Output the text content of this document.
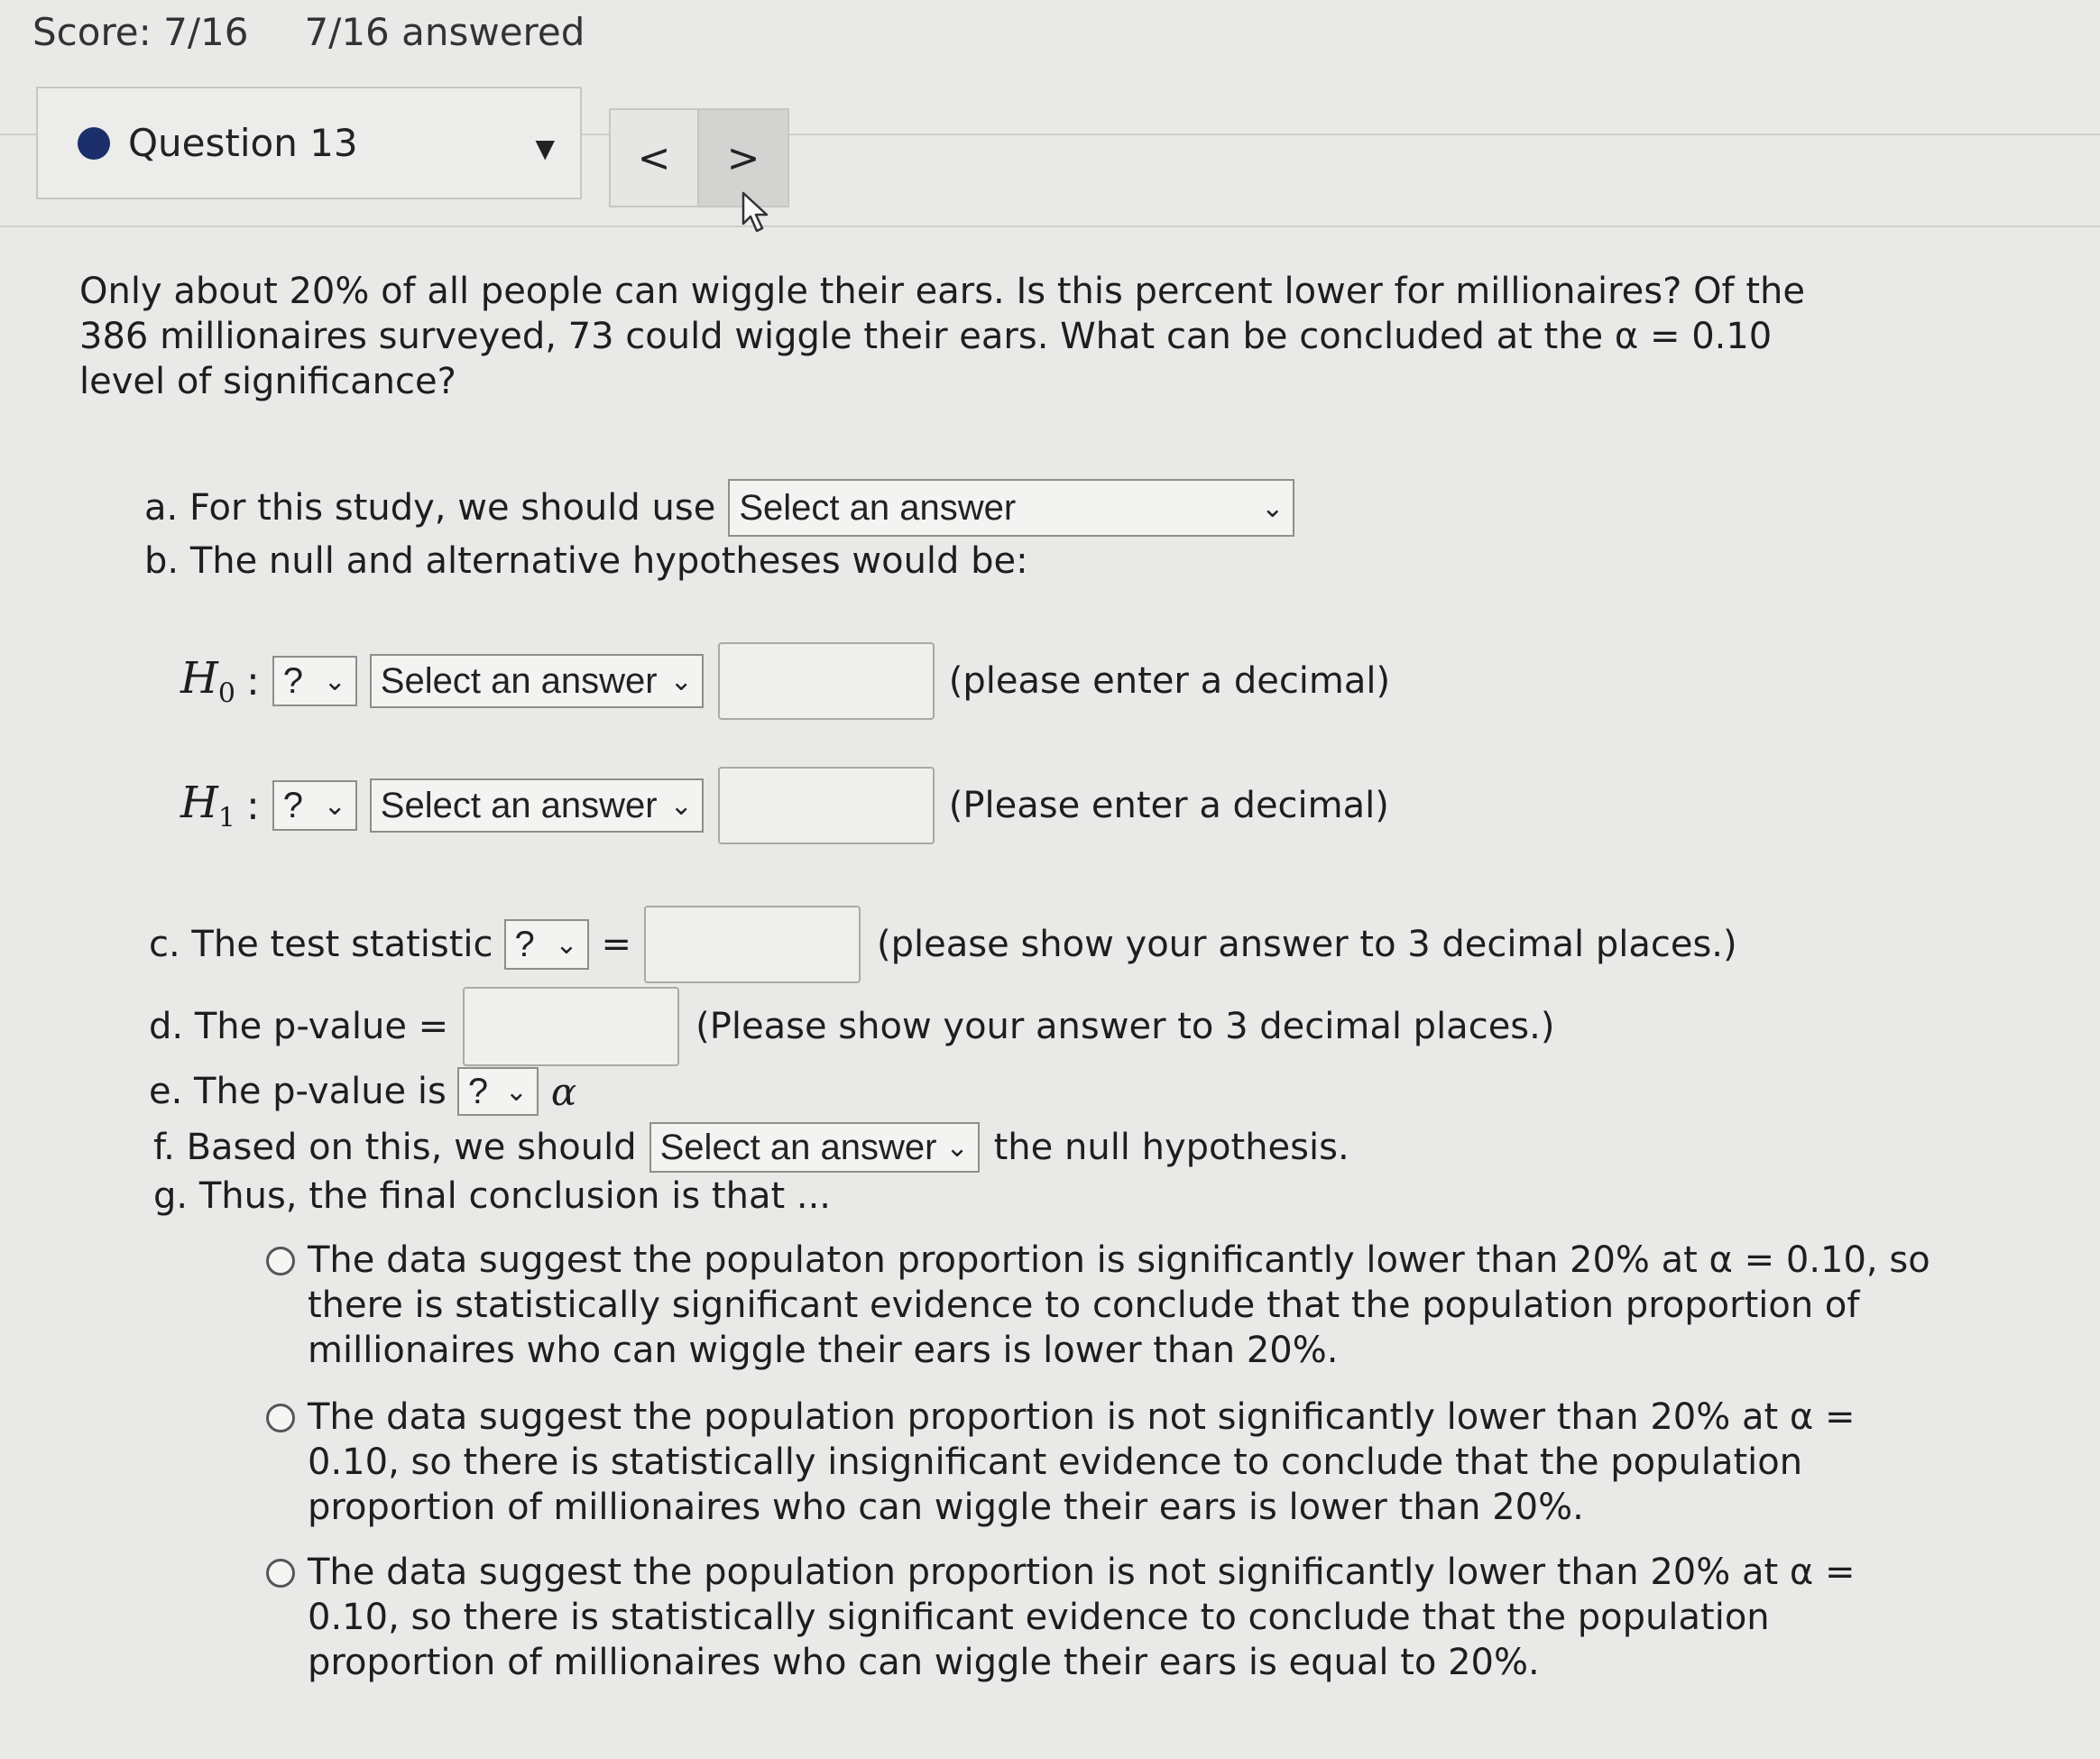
Score: 7/16 7/16 answered
Question 13	▼	<	>
Only about 20% of all people can wiggle their ears. Is this percent lower for millionaires? Of the 386 millionaires surveyed, 73 could wiggle their ears. What can be concluded at the α = 0.10 level of significance?
a. For this study, we should use Select an answer	⌄
b. The null and alternative hypotheses would be:
$H_0$ : ? ⌄ Select an answer ⌄	(please enter a decimal)
$H_1$ : ? ⌄ Select an answer ⌄	(Please enter a decimal)
c. The test statistic ? ⌄ =	(please show your answer to 3 decimal places.)
d. The p-value =	(Please show your answer to 3 decimal places.)
e. The p-value is ? ⌄ α
f. Based on this, we should Select an answer ⌄ the null hypothesis.
g. Thus, the final conclusion is that ...
The data suggest the populaton proportion is significantly lower than 20% at α = 0.10, so there is statistically significant evidence to conclude that the population proportion of millionaires who can wiggle their ears is lower than 20%.
The data suggest the population proportion is not significantly lower than 20% at α = 0.10, so there is statistically insignificant evidence to conclude that the population proportion of millionaires who can wiggle their ears is lower than 20%.
The data suggest the population proportion is not significantly lower than 20% at α = 0.10, so there is statistically significant evidence to conclude that the population proportion of millionaires who can wiggle their ears is equal to 20%.
